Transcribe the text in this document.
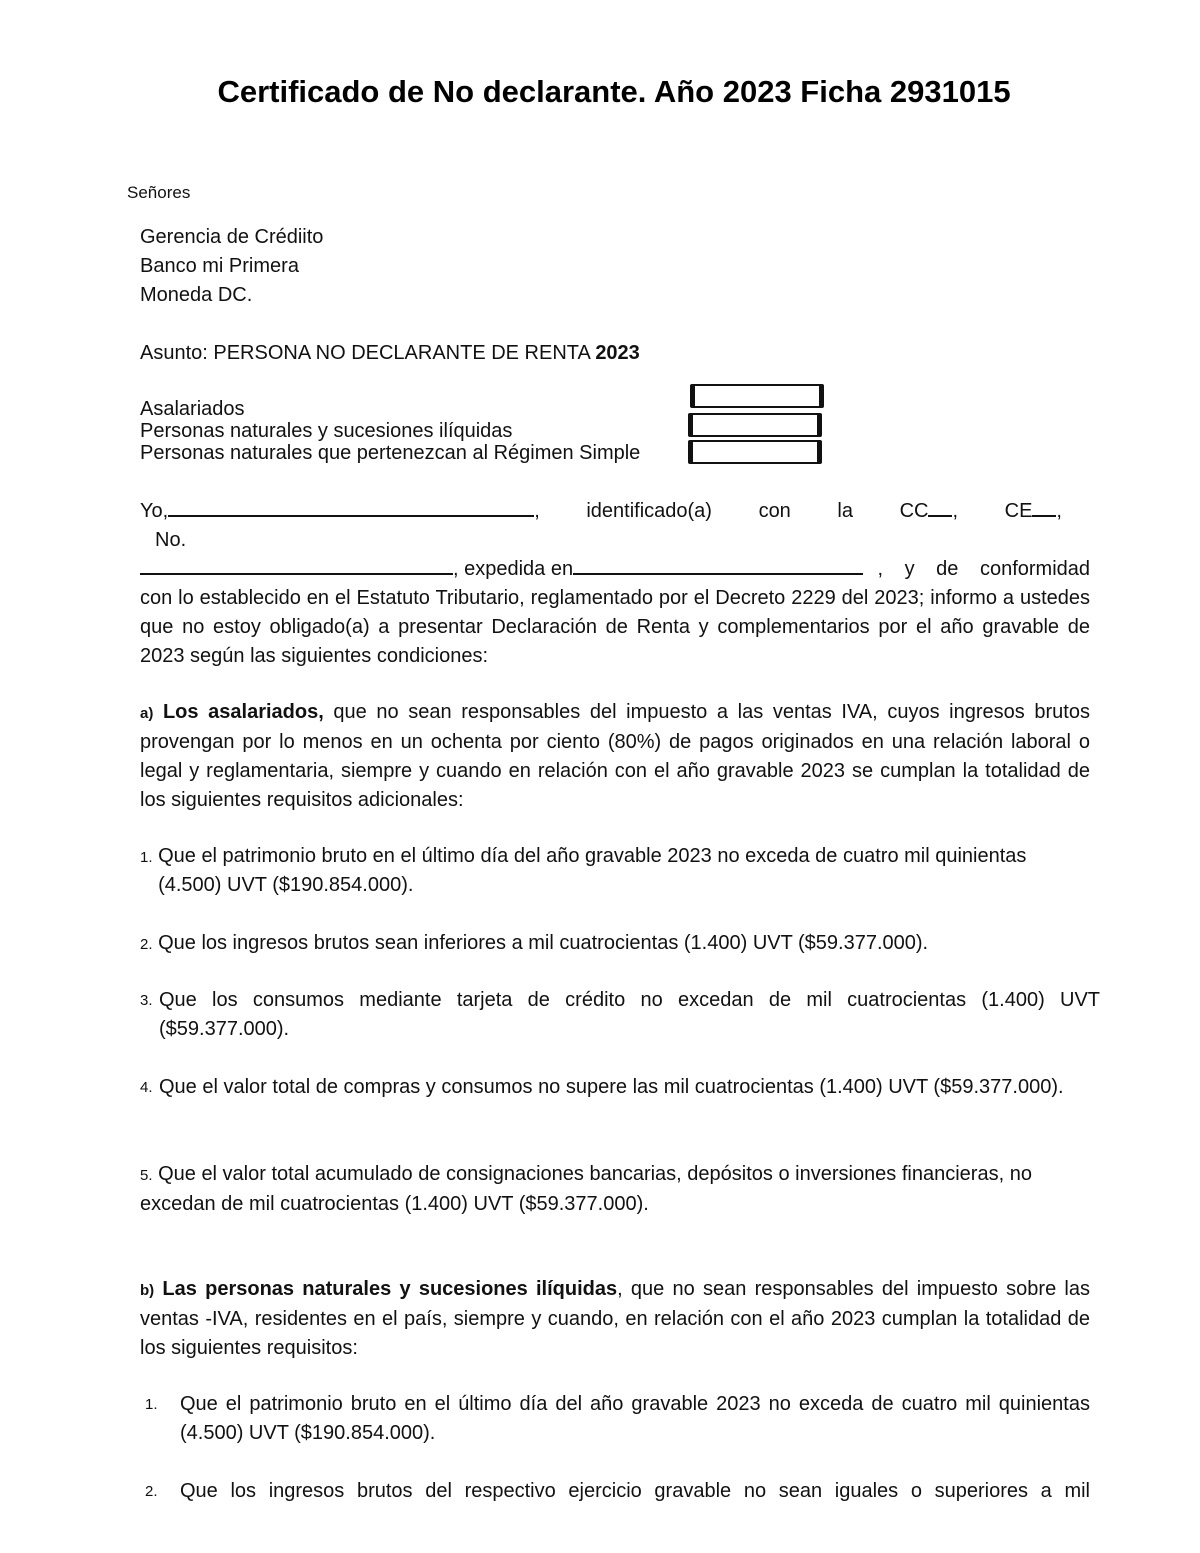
Certificado de No declarante. Año 2023 Ficha 2931015

Señores

Gerencia de Crédiito
Banco mi Primera
Moneda DC.

Asunto: PERSONA NO DECLARANTE DE RENTA 2023

Asalariados
Personas naturales y sucesiones ilíquidas
Personas naturales que pertenezcan al Régimen Simple
Yo,	, identificado(a) con la CC , CE ,

No.

, expedida en	, y de conformidad

con lo establecido en el Estatuto Tributario, reglamentado por el Decreto 2229 del 2023; informo a ustedes que no estoy obligado(a) a presentar Declaración de Renta y complementarios por el año gravable de 2023 según las siguientes condiciones:

a) Los asalariados, que no sean responsables del impuesto a las ventas IVA, cuyos ingresos brutos provengan por lo menos en un ochenta por ciento (80%) de pagos originados en una relación laboral o legal y reglamentaria, siempre y cuando en relación con el año gravable 2023 se cumplan la totalidad de los siguientes requisitos adicionales:

1. Que el patrimonio bruto en el último día del año gravable 2023 no exceda de cuatro mil quinientas (4.500) UVT ($190.854.000).
2. Que los ingresos brutos sean inferiores a mil cuatrocientas (1.400) UVT ($59.377.000).
3. Que los consumos mediante tarjeta de crédito no excedan de mil cuatrocientas (1.400) UVT ($59.377.000).
4. Que el valor total de compras y consumos no supere las mil cuatrocientas (1.400) UVT ($59.377.000).
5. Que el valor total acumulado de consignaciones bancarias, depósitos o inversiones financieras, no excedan de mil cuatrocientas (1.400) UVT ($59.377.000).

b) Las personas naturales y sucesiones ilíquidas, que no sean responsables del impuesto sobre las ventas -IVA, residentes en el país, siempre y cuando, en relación con el año 2023 cumplan la totalidad de los siguientes requisitos:

1. Que el patrimonio bruto en el último día del año gravable 2023 no exceda de cuatro mil quinientas (4.500) UVT ($190.854.000).
2. Que los ingresos brutos del respectivo ejercicio gravable no sean iguales o superiores a mil
